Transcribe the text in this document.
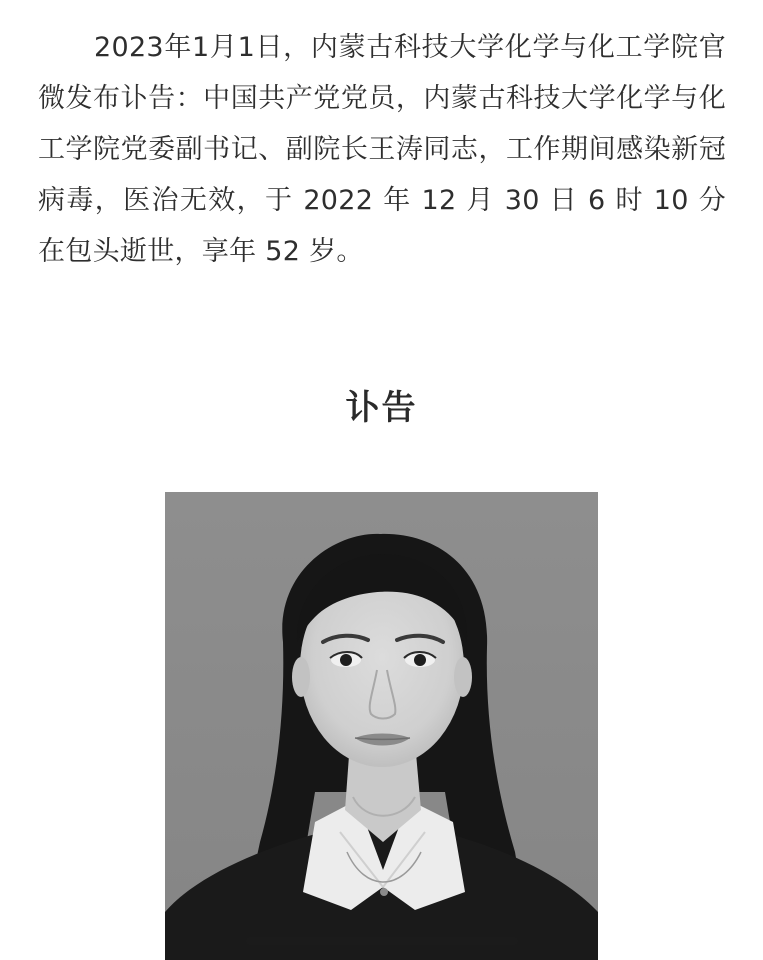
2023年1月1日，内蒙古科技大学化学与化工学院官微发布讣告：中国共产党党员，内蒙古科技大学化学与化工学院党委副书记、副院长王涛同志，工作期间感染新冠病毒，医治无效，于 2022 年 12 月 30 日 6 时 10 分在包头逝世，享年 52 岁。

讣告
